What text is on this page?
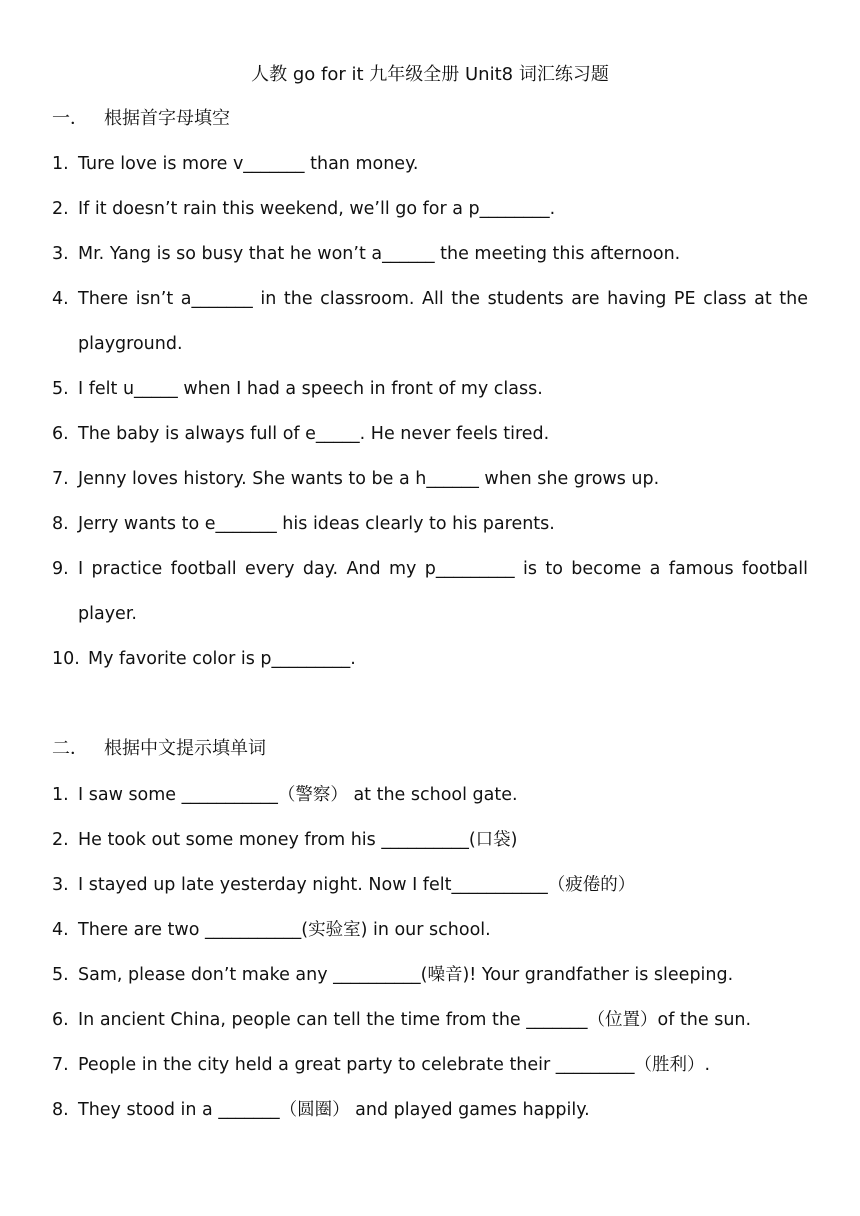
人教 go for it 九年级全册 Unit8 词汇练习题
一． 根据首字母填空
1. Ture love is more v_______ than money.
2. If it doesn’t rain this weekend, we’ll go for a p________.
3. Mr. Yang is so busy that he won’t a______ the meeting this afternoon.
4. There isn’t a_______ in the classroom. All the students are having PE class at the playground.
5. I felt u_____ when I had a speech in front of my class.
6. The baby is always full of e_____. He never feels tired.
7. Jenny loves history. She wants to be a h______ when she grows up.
8. Jerry wants to e_______ his ideas clearly to his parents.
9. I practice football every day. And my p_________ is to become a famous football player.
10. My favorite color is p_________.
二． 根据中文提示填单词
1. I saw some ___________（警察） at the school gate.
2. He took out some money from his __________(口袋)
3. I stayed up late yesterday night. Now I felt___________（疲倦的）
4. There are two ___________(实验室) in our school.
5. Sam, please don’t make any __________(噪音)! Your grandfather is sleeping.
6. In ancient China, people can tell the time from the _______（位置）of the sun.
7. People in the city held a great party to celebrate their _________（胜利）.
8. They stood in a _______（圆圈） and played games happily.
